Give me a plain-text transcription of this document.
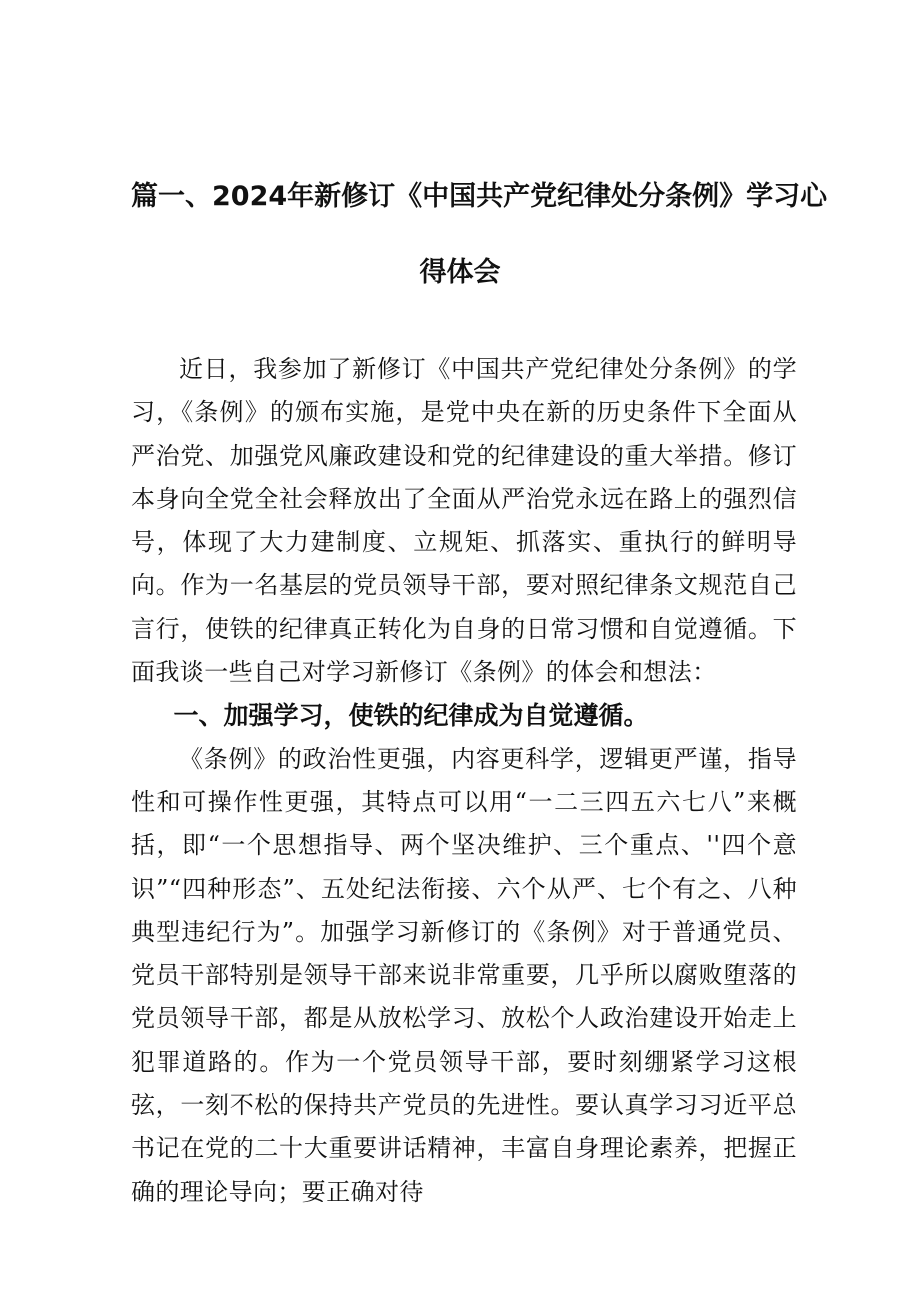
篇一、2024年新修订《中国共产党纪律处分条例》学习心
得体会

近日，我参加了新修订《中国共产党纪律处分条例》的学习，《条例》的颁布实施，是党中央在新的历史条件下全面从严治党、加强党风廉政建设和党的纪律建设的重大举措。修订本身向全党全社会释放出了全面从严治党永远在路上的强烈信号，体现了大力建制度、立规矩、抓落实、重执行的鲜明导向。作为一名基层的党员领导干部，要对照纪律条文规范自己言行，使铁的纪律真正转化为自身的日常习惯和自觉遵循。下面我谈一些自己对学习新修订《条例》的体会和想法：

一、加强学习，使铁的纪律成为自觉遵循。

《条例》的政治性更强，内容更科学，逻辑更严谨，指导性和可操作性更强，其特点可以用“一二三四五六七八”来概括，即“一个思想指导、两个坚决维护、三个重点、''四个意识”“四种形态”、五处纪法衔接、六个从严、七个有之、八种典型违纪行为”。加强学习新修订的《条例》对于普通党员、党员干部特别是领导干部来说非常重要，几乎所以腐败堕落的党员领导干部，都是从放松学习、放松个人政治建设开始走上犯罪道路的。作为一个党员领导干部，要时刻绷紧学习这根弦，一刻不松的保持共产党员的先进性。要认真学习习近平总书记在党的二十大重要讲话精神，丰富自身理论素养，把握正确的理论导向；要正确对待
